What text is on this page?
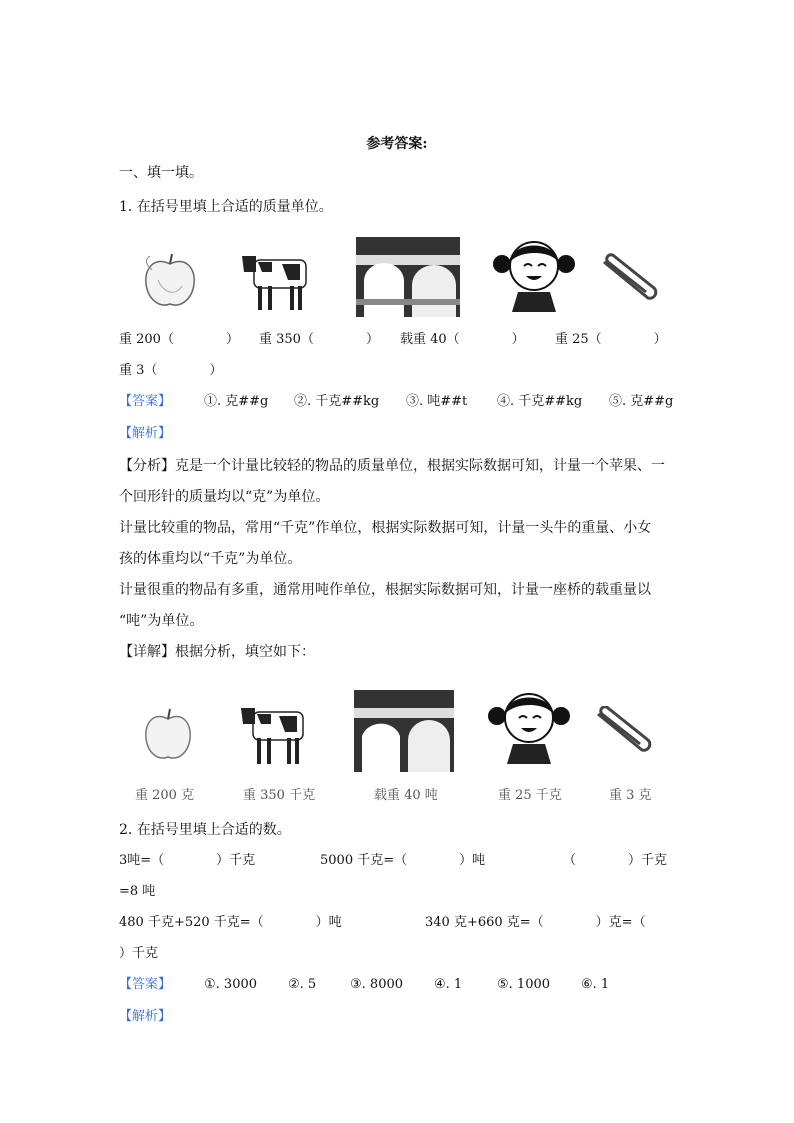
参考答案:
一、填一填。
1. 在括号里填上合适的质量单位。
重 200（　　　　） 重 350（　　　　） 载重 40（　　　　） 重 25（　　　　）
重 3（　　　　）
【答案】	①. 克##g ②. 千克##kg ③. 吨##t ④. 千克##kg ⑤. 克##g
【解析】
【分析】克是一个计量比较轻的物品的质量单位，根据实际数据可知，计量一个苹果、一
个回形针的质量均以“克”为单位。
计量比较重的物品，常用“千克”作单位，根据实际数据可知，计量一头牛的重量、小女
孩的体重均以“千克”为单位。
计量很重的物品有多重，通常用吨作单位，根据实际数据可知，计量一座桥的载重量以
“吨”为单位。
【详解】根据分析，填空如下：
重 200 克	重 350 千克	载重 40 吨	重 25 千克	重 3 克
2. 在括号里填上合适的数。
3吨=（　　　　）千克	5000 千克=（　　　　）吨	（　　　　）千克
=8 吨
480 千克+520 千克=（　　　　）吨	340 克+660 克=（　　　　）克=（
）千克
【答案】	①. 3000 ②. 5	③. 8000 ④. 1	⑤. 1000 ⑥. 1
【解析】
